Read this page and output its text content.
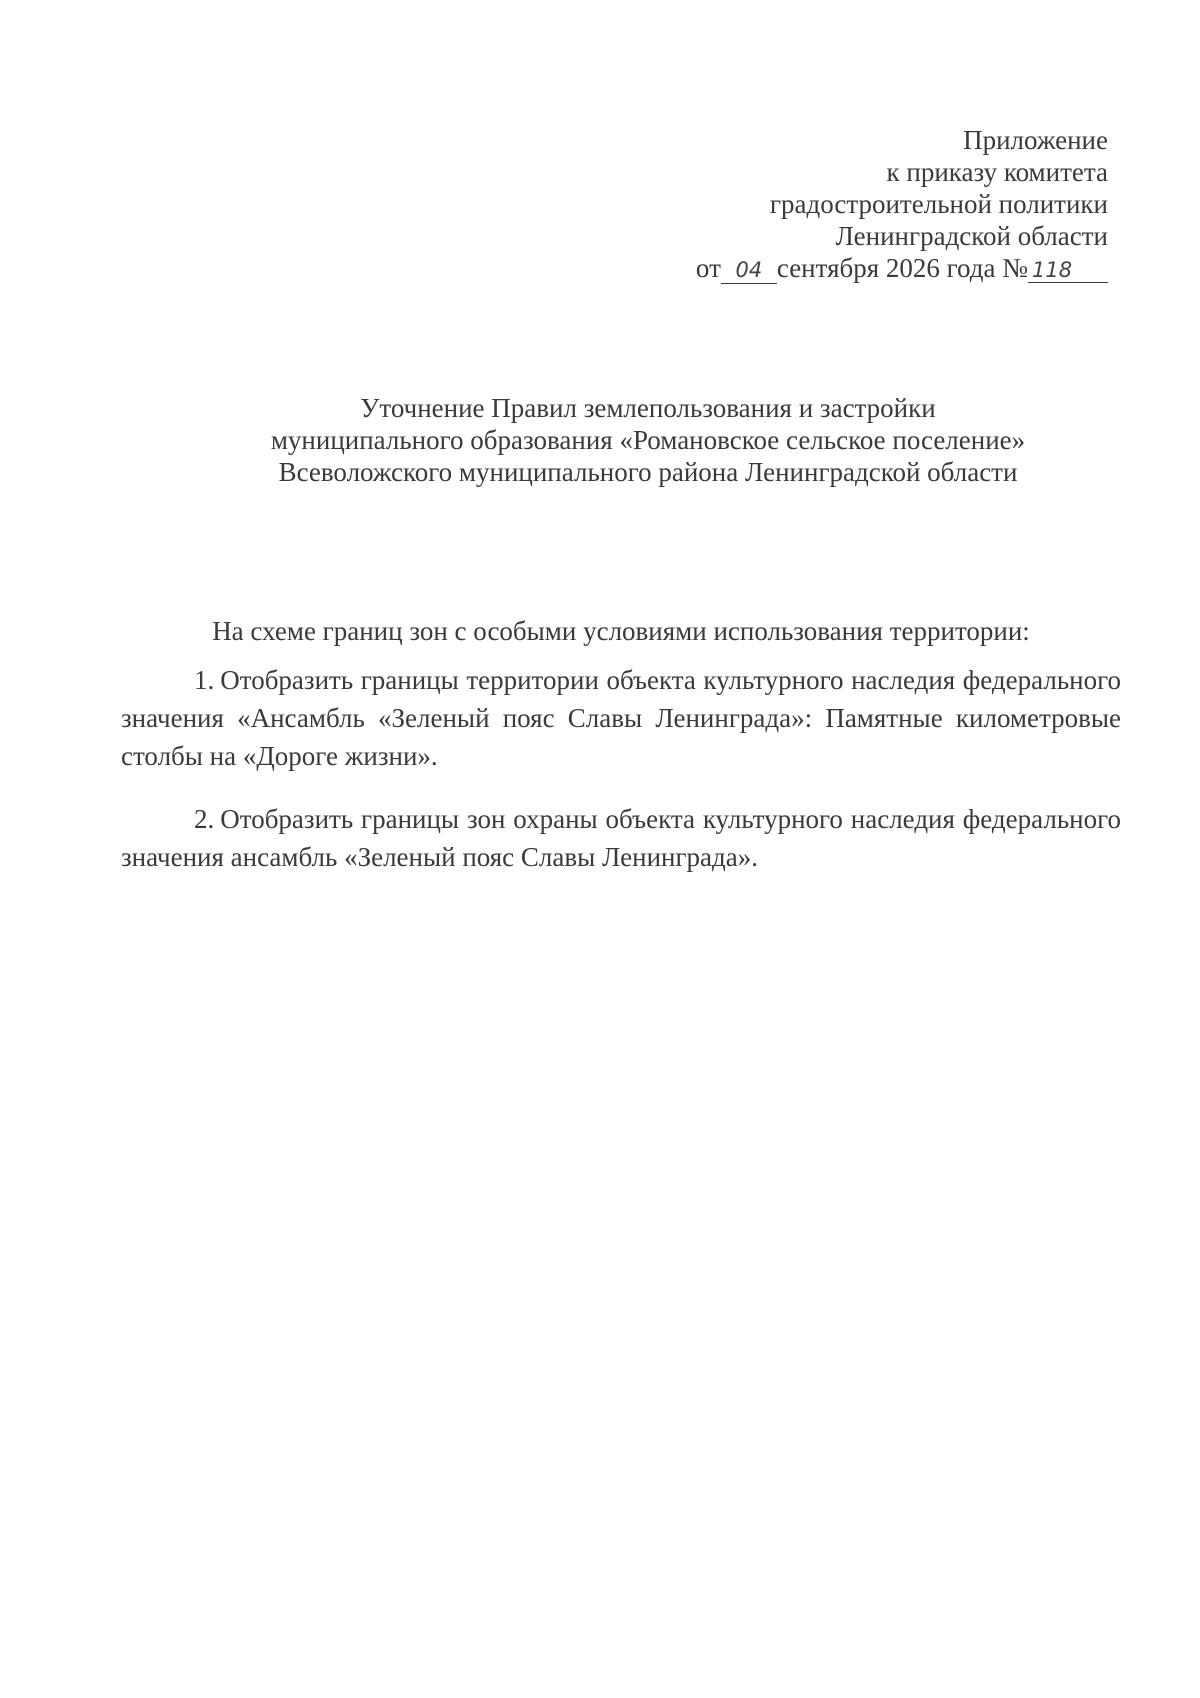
Приложение
к приказу комитета
градостроительной политики
Ленинградской области
от 04 сентября 2026 года № 118
Уточнение Правил землепользования и застройки
муниципального образования «Романовское сельское поселение»
Всеволожского муниципального района Ленинградской области

На схеме границ зон с особыми условиями использования территории:

1. Отобразить границы территории объекта культурного наследия федерального значения «Ансамбль «Зеленый пояс Славы Ленинграда»: Памятные километровые столбы на «Дороге жизни».

2. Отобразить границы зон охраны объекта культурного наследия федерального значения ансамбль «Зеленый пояс Славы Ленинграда».
